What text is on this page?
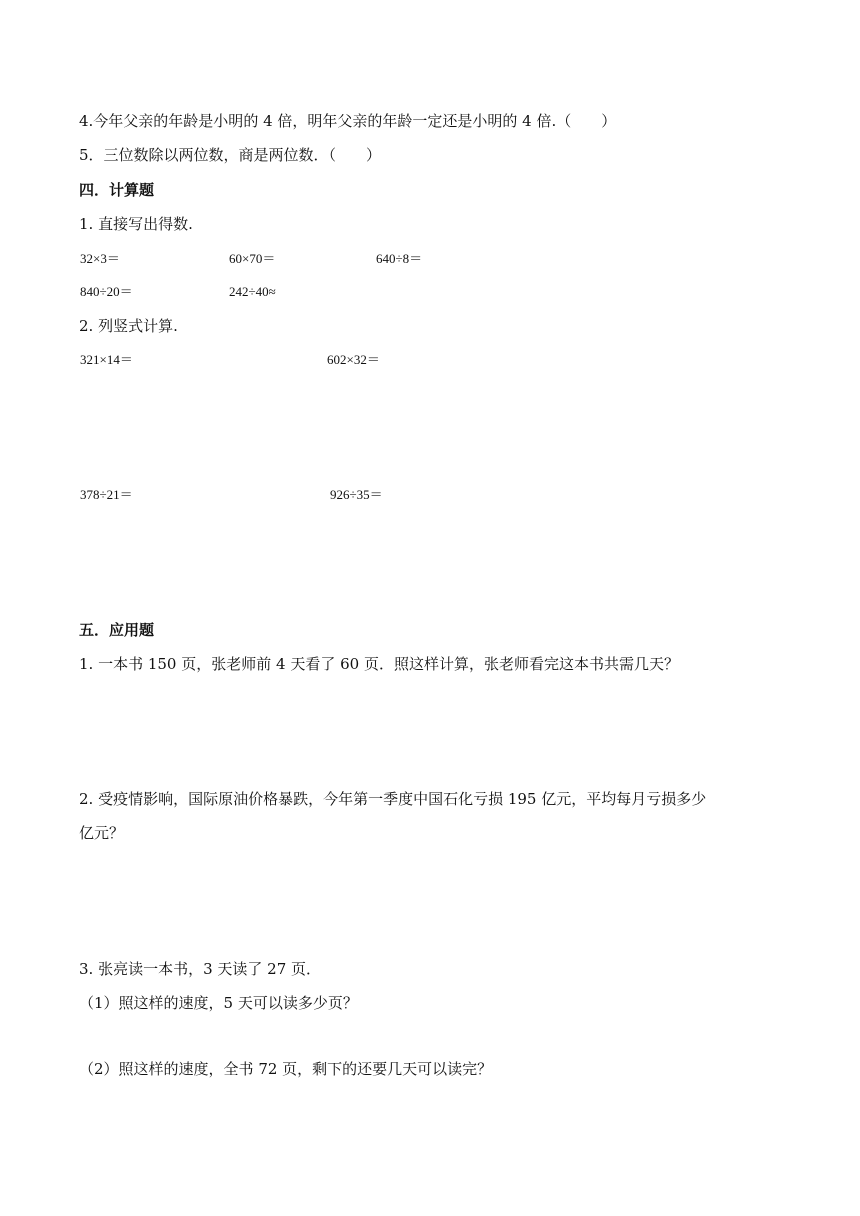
4.今年父亲的年龄是小明的 4 倍，明年父亲的年龄一定还是小明的 4 倍.（　　）
5．三位数除以两位数，商是两位数．（　　）
四．计算题
1. 直接写出得数.
32×3＝	60×70＝	640÷8＝
840÷20＝	242÷40≈
2. 列竖式计算.
321×14＝	602×32＝
378÷21＝	926÷35＝
五．应用题
1. 一本书 150 页，张老师前 4 天看了 60 页．照这样计算，张老师看完这本书共需几天？
2. 受疫情影响，国际原油价格暴跌，今年第一季度中国石化亏损 195 亿元，平均每月亏损多少
亿元？
3. 张亮读一本书，3 天读了 27 页．
（1）照这样的速度，5 天可以读多少页？
（2）照这样的速度，全书 72 页，剩下的还要几天可以读完？
